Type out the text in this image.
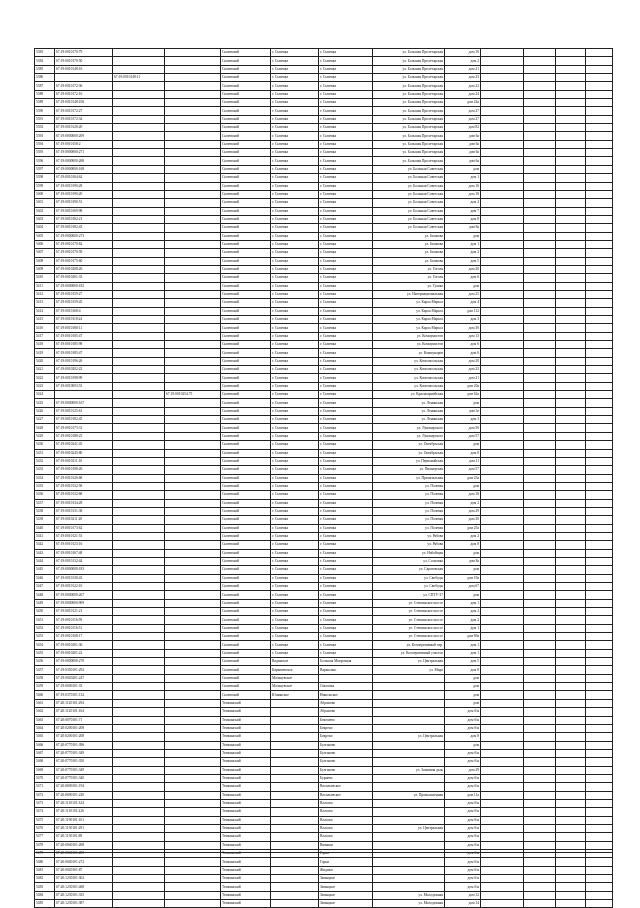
5383	67:19:0010170:79			Сычевский	г. Сычевка	г. Сычевка	ул. Большая Пролетарская	дом 10				
5384	67:19:0010170:50			Сычевский	г. Сычевка	г. Сычевка	ул. Большая Пролетарская	дом 2				
5385	67:19:0010148:16			Сычевский	г. Сычевка	г. Сычевка	ул. Большая Пролетарская	дом 21				
5386		67:19:0010148:11		Сычевский	г. Сычевка	г. Сычевка	ул. Большая Пролетарская	дом 23				
5387	67:19:0010172:36			Сычевский	г. Сычевка	г. Сычевка	ул. Большая Пролетарская	дом 22				
5388	67:19:0010172:16			Сычевский	г. Сычевка	г. Сычевка	ул. Большая Пролетарская	дом 24				
5389	67:19:0010148:106			Сычевский	г. Сычевка	г. Сычевка	ул. Большая Пролетарская	дом 24а				
5390	67:19:0010172:27			Сычевский	г. Сычевка	г. Сычевка	ул. Большая Пролетарская	дом 27				
5391	67:19:0010172:34			Сычевский	г. Сычевка	г. Сычевка	ул. Большая Пролетарская	дом 27				
5392	67:19:0010128:20			Сычевский	г. Сычевка	г. Сычевка	ул. Большая Пролетарская	дом 82				
5393	67:19:0000000:209			Сычевский	г. Сычевка	г. Сычевка	ул. Большая Пролетарская	дом 6а				
5394	67:19:0010158:2			Сычевский	г. Сычевка	г. Сычевка	ул. Большая Пролетарская	дом 6а				
5395	67:19:0000000:271			Сычевский	г. Сычевка	г. Сычевка	ул. Большая Пролетарская	дом 6а				
5396	67:19:0000000:268			Сычевский	г. Сычевка	г. Сычевка	ул. Большая Пролетарская	дом 6а				
5397	67:19:0000000:168			Сычевский	г. Сычевка	г. Сычевка	ул. Большая Советская	дом				
5398	67:19:0010164:62			Сычевский	г. Сычевка	г. Сычевка	ул. Большая Советская	дом 1				
5399	67:19:0010190:28			Сычевский	г. Сычевка	г. Сычевка	ул. Большая Советская	дом 16				
5400	67:19:0010190:20			Сычевский	г. Сычевка	г. Сычевка	ул. Большая Советская	дом 18				
5401	67:19:0010190:51			Сычевский	г. Сычевка	г. Сычевка	ул. Большая Советская	дом 2				
5402	67:19:0010169:98			Сычевский	г. Сычевка	г. Сычевка	ул. Большая Советская	дом 7				
5403	67:19:0010182:21			Сычевский	г. Сычевка	г. Сычевка	ул. Большая Советская	дом 8				
5404	67:19:0010182:43			Сычевский	г. Сычевка	г. Сычевка	ул. Большая Советская	дом 8а				
5405	67:19:0000000:273			Сычевский	г. Сычевка	г. Сычевка	ул. Бычкова	дом				
5406	67:19:0010170:62			Сычевский	г. Сычевка	г. Сычевка	ул. Бычкова	дом 1				
5407	67:19:0010170:39			Сычевский	г. Сычевка	г. Сычевка	ул. Бычкова	дом 2				
5408	67:19:0010175:60			Сычевский	г. Сычевка	г. Сычевка	ул. Бычкова	дом 5				
5409	67:19:0010208:26			Сычевский	г. Сычевка	г. Сычевка	ул. Гоголя	дом 20				
5410	67:19:0010201:33			Сычевский	г. Сычевка	г. Сычевка	ул. Гоголя	дом 6				
5411	67:19:0000000:182			Сычевский	г. Сычевка	г. Сычевка	ул. Гуляка	дом				
5412	67:19:0010159:27			Сычевский	г. Сычевка	г. Сычевка	ул. Интернациональная	дом 25				
5413	67:19:0010159:45			Сычевский	г. Сычевка	г. Сычевка	ул. Карла Маркса	дом 4				
5414	67:19:0010168:4			Сычевский	г. Сычевка	г. Сычевка	ул. Карла Маркса	дом 112				
5415	67:19:0010118:24			Сычевский	г. Сычевка	г. Сычевка	ул. Карла Маркса	дом 3				
5416	67:19:0010180:11			Сычевский	г. Сычевка	г. Сычевка	ул. Карла Маркса	дом 30				
5417	67:19:0010185:47			Сычевский	г. Сычевка	г. Сычевка	ул. Коммунистов	дом 13				
5418	67:19:0010185:98			Сычевский	г. Сычевка	г. Сычевка	ул. Коммунистов	дом 6				
5419	67:19:0010185:47			Сычевский	г. Сычевка	г. Сычевка	ул. Коммунаров	дом 6				
5420	67:19:0010196:26			Сычевский	г. Сычевка	г. Сычевка	ул. Комсомольская	дом 20				
5421	67:19:0010202:22			Сычевский	г. Сычевка	г. Сычевка	ул. Комсомольская	дом 23				
5422	67:19:0010198:99			Сычевский	г. Сычевка	г. Сычевка	ул. Комсомольская	дом 21				
5423	67:19:0010003:53			Сычевский	г. Сычевка	г. Сычевка	ул. Комсомольская	дом 20а				
5424			67:19:0010254:75	Сычевский	г. Сычевка	г. Сычевка	ул. Красноармейская	дом 62а				
5425	67:19:0000000:167			Сычевский	г. Сычевка	г. Сычевка	ул. Ленинская	дом				
5426	67:19:0010125:61			Сычевский	г. Сычевка	г. Сычевка	ул. Ленинская	дом 3е				
5427	67:19:0010182:45			Сычевский	г. Сычевка	г. Сычевка	ул. Ленинская	дом 3				
5428	67:19:0010173:31			Сычевский	г. Сычевка	г. Сычевка	ул. Луначарского	дом 56				
5429	67:19:0010188:25			Сычевский	г. Сычевка	г. Сычевка	ул. Луначарского	дом 57				
5430	67:19:0010241:45			Сычевский	г. Сычевка	г. Сычевка	ул. Октябрьская	дом				
5431	67:19:0010245:80			Сычевский	г. Сычевка	г. Сычевка	ул. Октябрьская	дом 8				
5432	67:19:0010211:10			Сычевский	г. Сычевка	г. Сычевка	ул. Первомайская	дом 11				
5433	67:19:0010108:26			Сычевский	г. Сычевка	г. Сычевка	ул. Пионерская	дом 57				
5434	67:19:0010126:68			Сычевский	г. Сычевка	г. Сычевка	ул. Приокзальная	дом 23а				
5435	67:19:0010132:58			Сычевский	г. Сычевка	г. Сычевка	ул. Полевая	дом				
5436	67:19:0010132:68			Сычевский	г. Сычевка	г. Сычевка	ул. Полевая	дом 18				
5437	67:19:0010134:28			Сычевский	г. Сычевка	г. Сычевка	ул. Полевая	дом 2				
5438	67:19:0010131:38			Сычевский	г. Сычевка	г. Сычевка	ул. Полевая	дом 29				
5439	67:19:0010211:20			Сычевский	г. Сычевка	г. Сычевка	ул. Полевая	дом 30				
5440	67:19:0010173:62			Сычевский	г. Сычевка	г. Сычевка	ул. Полевая	дом 25а				
5441	67:19:0010121:53			Сычевский	г. Сычевка	г. Сычевка	ул. Рябова	дом 2				
5442	67:19:0010123:16			Сычевский	г. Сычевка	г. Сычевка	ул. Рябова	дом 8				
5443	67:19:0010167:48			Сычевский	г. Сычевка	г. Сычевка	ул. Набойщая	дом				
5444	67:19:0010132:44			Сычевский	г. Сычевка	г. Сычевка	ул. Сосновка	дом 8а				
5445	67:19:0000000:183			Сычевский	г. Сычевка	г. Сычевка	ул. Саратовская	дом				
5446	67:19:0010130:43			Сычевский	г. Сычевка	г. Сычевка	ул. Свободы	дом 19а				
5447	67:19:0010122:10			Сычевский	г. Сычевка	г. Сычевка	ул. Свободы	дом 67				
5448	67:19:0000000:267			Сычевский	г. Сычевка	г. Сычевка	ул. СПТУ-37	дом				
5449	67:19:0000000:909			Сычевский	г. Сычевка	г. Сычевка	ул. Стешинское шоссе	дом 1				
5450	67:19:0010121:21			Сычевский	г. Сычевка	г. Сычевка	ул. Стешинское шоссе	дом 2				
5451	67:19:0010116:59			Сычевский	г. Сычевка	г. Сычевка	ул. Стешинское шоссе	дом 2				
5452	67:19:0010116:51			Сычевский	г. Сычевка	г. Сычевка	ул. Стешинское шоссе	дом 1				
5453	67:19:0010108:17			Сычевский	г. Сычевка	г. Сычевка	ул. Стешинское шоссе	дом 69а				
5454	67:19:0010201:36			Сычевский	г. Сычевка	г. Сычевка	ул. Кооперативный пер.	дом 1				
5455	67:19:0010201:22			Сычевский	г. Сычевка	г. Сычевка	ул. Кооперативный участок	дом 1				
5456	67:19:0000000:270			Сычевский	Вадинское	Большая Мокрочная	ул. Центральная	дом 5				
5457	67:19:0350101:292			Сычевский	Караваевское	Вараксино	ул. Мира	дом 8				
5458	67:19:0020201:247			Сычевский	Мальцевское			дом				
5459	67:19:0000101:33			Сычевский	Мальцевское	Ольговка		дом				
5460	67:19:0370101:132			Сычевский	Юшинское	Никольское		дом				
5461	67:20:1120101:294			Темкинский		Абрамово		дом				
5462	67:20:1120101:164			Темкинский		Абрамово		дом б/н				
5463	67:20:0070101:71			Темкинский		Бекешево		дом б/н				
5464	67:20:0200101:208			Темкинский		Бекрено		дом б/н				
5465	67:20:0200101:208			Темкинский		Бекрено	ул. Центральная	дом 8				
5466	67:20:0770101:396			Темкинский		Булгаково		дом				
5467	67:20:0770101:349			Темкинский		Булгаково		дом б/н				
5468	67:20:0770101:350			Темкинский		Булгаково		дом б/н				
5469	67:20:0770101:349			Темкинский		Булгаково	ул. Заливная даль	дом 29				
5470	67:20:0770101:340			Темкинский		Бурнево		дом б/н				
5471	67:20:0690101:194			Темкинский		Васильевское		дом б/н				
5472	67:20:0690101:220			Темкинский		Васильевское	ул. Промышленная	дом 11а				
5473	67:20:1110101:324			Темкинский		Власово		дом б/н				
5474	67:20:1110101:226			Темкинский		Власово		дом б/н				
5475	67:20:1190101:101			Темкинский		Власово		дом б/н				
5476	67:20:1150101:291			Темкинский		Власово	ул. Центральная	дом б/н				
5477	67:20:1150101:89			Темкинский		Власово		дом б/н				
5478	67:20:0040101:208			Темкинский		Вязники		дом б/н				
5479	67:20:0040101:209			Темкинский		Горки		дом б/н				
5480	67:20:0040101:272			Темкинский		Горки		дом б/н				
5481	67:20:0020101:87			Темкинский		Жидики		дом б/н				
5482	67:20:1230101:302			Темкинский		Замыцкое		дом б/н				
5483	67:20:1230101:468			Темкинский		Замыцкое		дом б/н				
5484	67:20:1230101:335			Темкинский		Замыцкое	ул. Молодежная	дом 12				
5485	67:20:1230101:387			Темкинский		Замыцкое	ул. Молодежная	дом 14				
